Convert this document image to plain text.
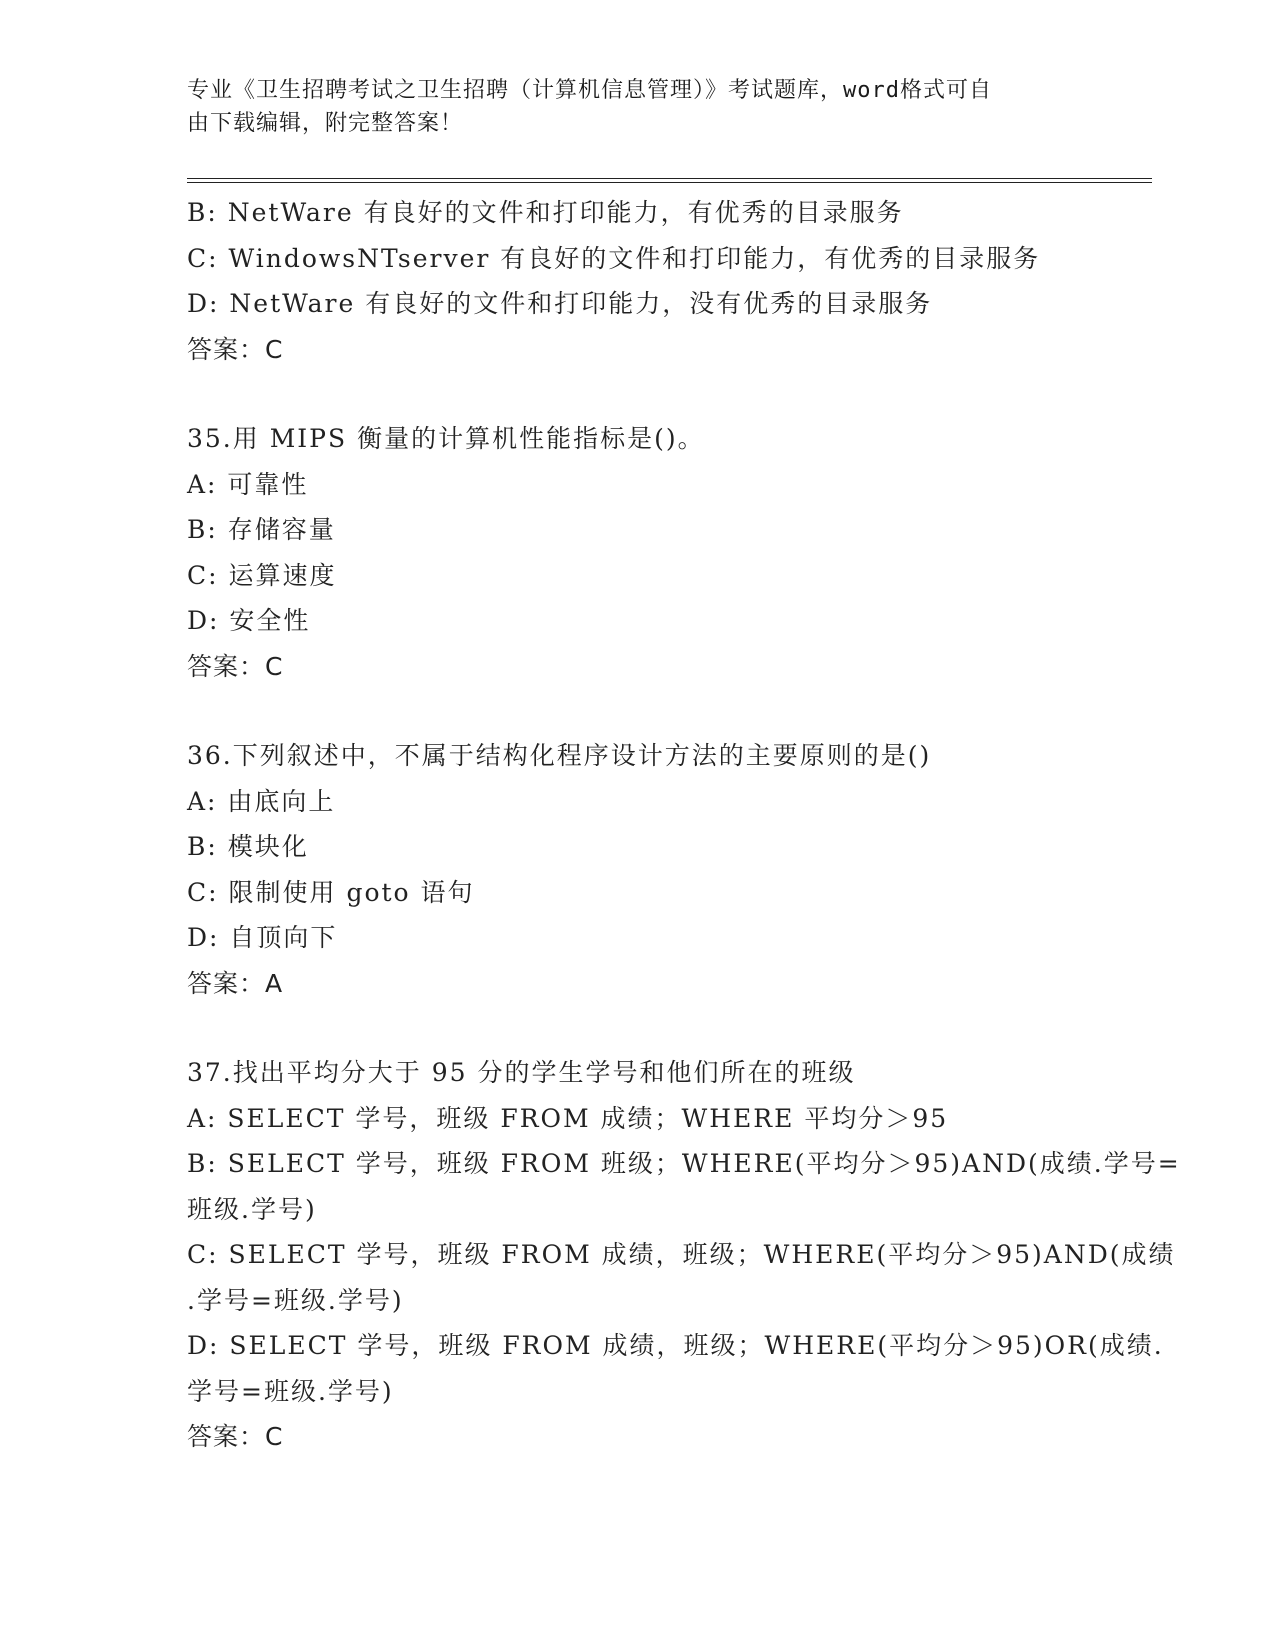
专业《卫生招聘考试之卫生招聘（计算机信息管理）》考试题库，word格式可自
由下载编辑，附完整答案！
B: NetWare 有良好的文件和打印能力，有优秀的目录服务
C: WindowsNTserver 有良好的文件和打印能力，有优秀的目录服务
D: NetWare 有良好的文件和打印能力，没有优秀的目录服务
答案：C
35.用 MIPS 衡量的计算机性能指标是()。
A: 可靠性
B: 存储容量
C: 运算速度
D: 安全性
答案：C
36.下列叙述中，不属于结构化程序设计方法的主要原则的是()
A: 由底向上
B: 模块化
C: 限制使用 goto 语句
D: 自顶向下
答案：A
37.找出平均分大于 95 分的学生学号和他们所在的班级
A: SELECT 学号，班级 FROM 成绩；WHERE 平均分＞95
B: SELECT 学号，班级 FROM 班级；WHERE(平均分＞95)AND(成绩.学号=
班级.学号)
C: SELECT 学号，班级 FROM 成绩，班级；WHERE(平均分＞95)AND(成绩
.学号=班级.学号)
D: SELECT 学号，班级 FROM 成绩，班级；WHERE(平均分＞95)OR(成绩.
学号=班级.学号)
答案：C
